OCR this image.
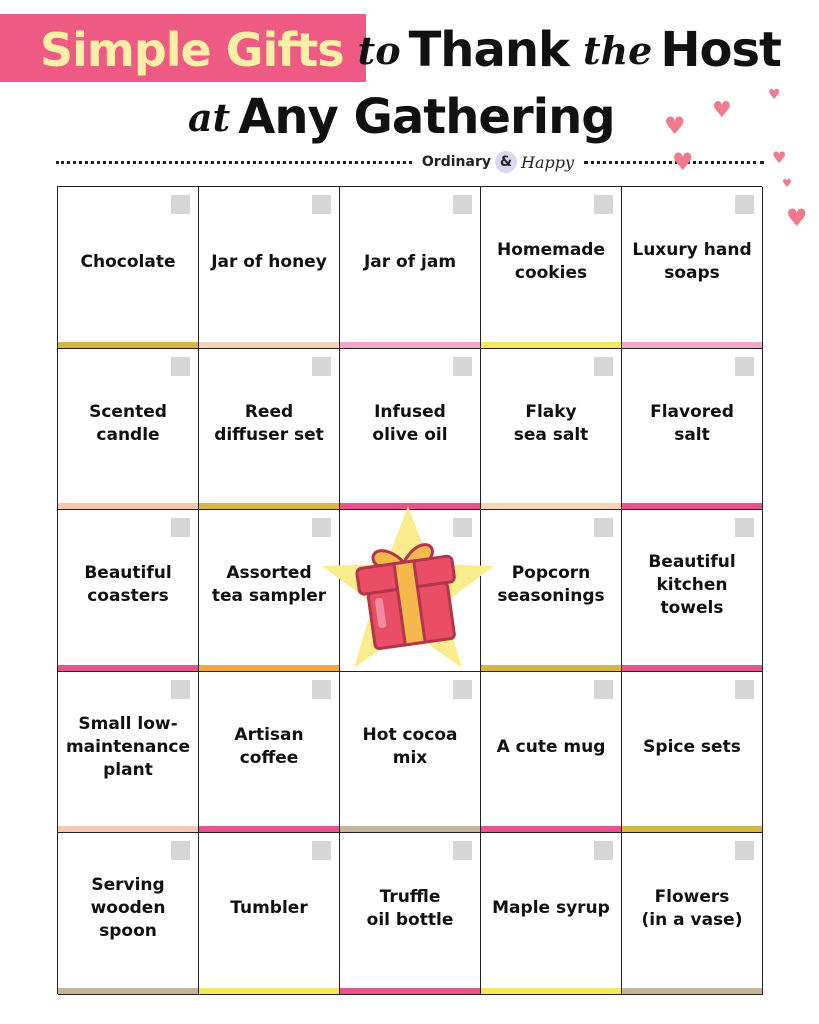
Simple Gifts to Thank the Host
at Any Gathering
Ordinary & Happy
♥
♥
♥
♥	♥
♥
♥
Chocolate Jar of honey Jar of jam
Homemade
cookies
Luxury hand
soaps
Scented
candle
Reed
diffuser set
Infused
olive oil
Flaky
sea salt
Flavored
salt
Beautiful
coasters
Assorted
tea sampler
Popcorn
seasonings
Beautiful
kitchen
towels
Small low-
maintenance
plant
Artisan
coffee
Hot cocoa
mix
A cute mug Spice sets
Serving
wooden
spoon
Tumbler
Truffle
oil bottle
Maple syrup
Flowers
(in a vase)
